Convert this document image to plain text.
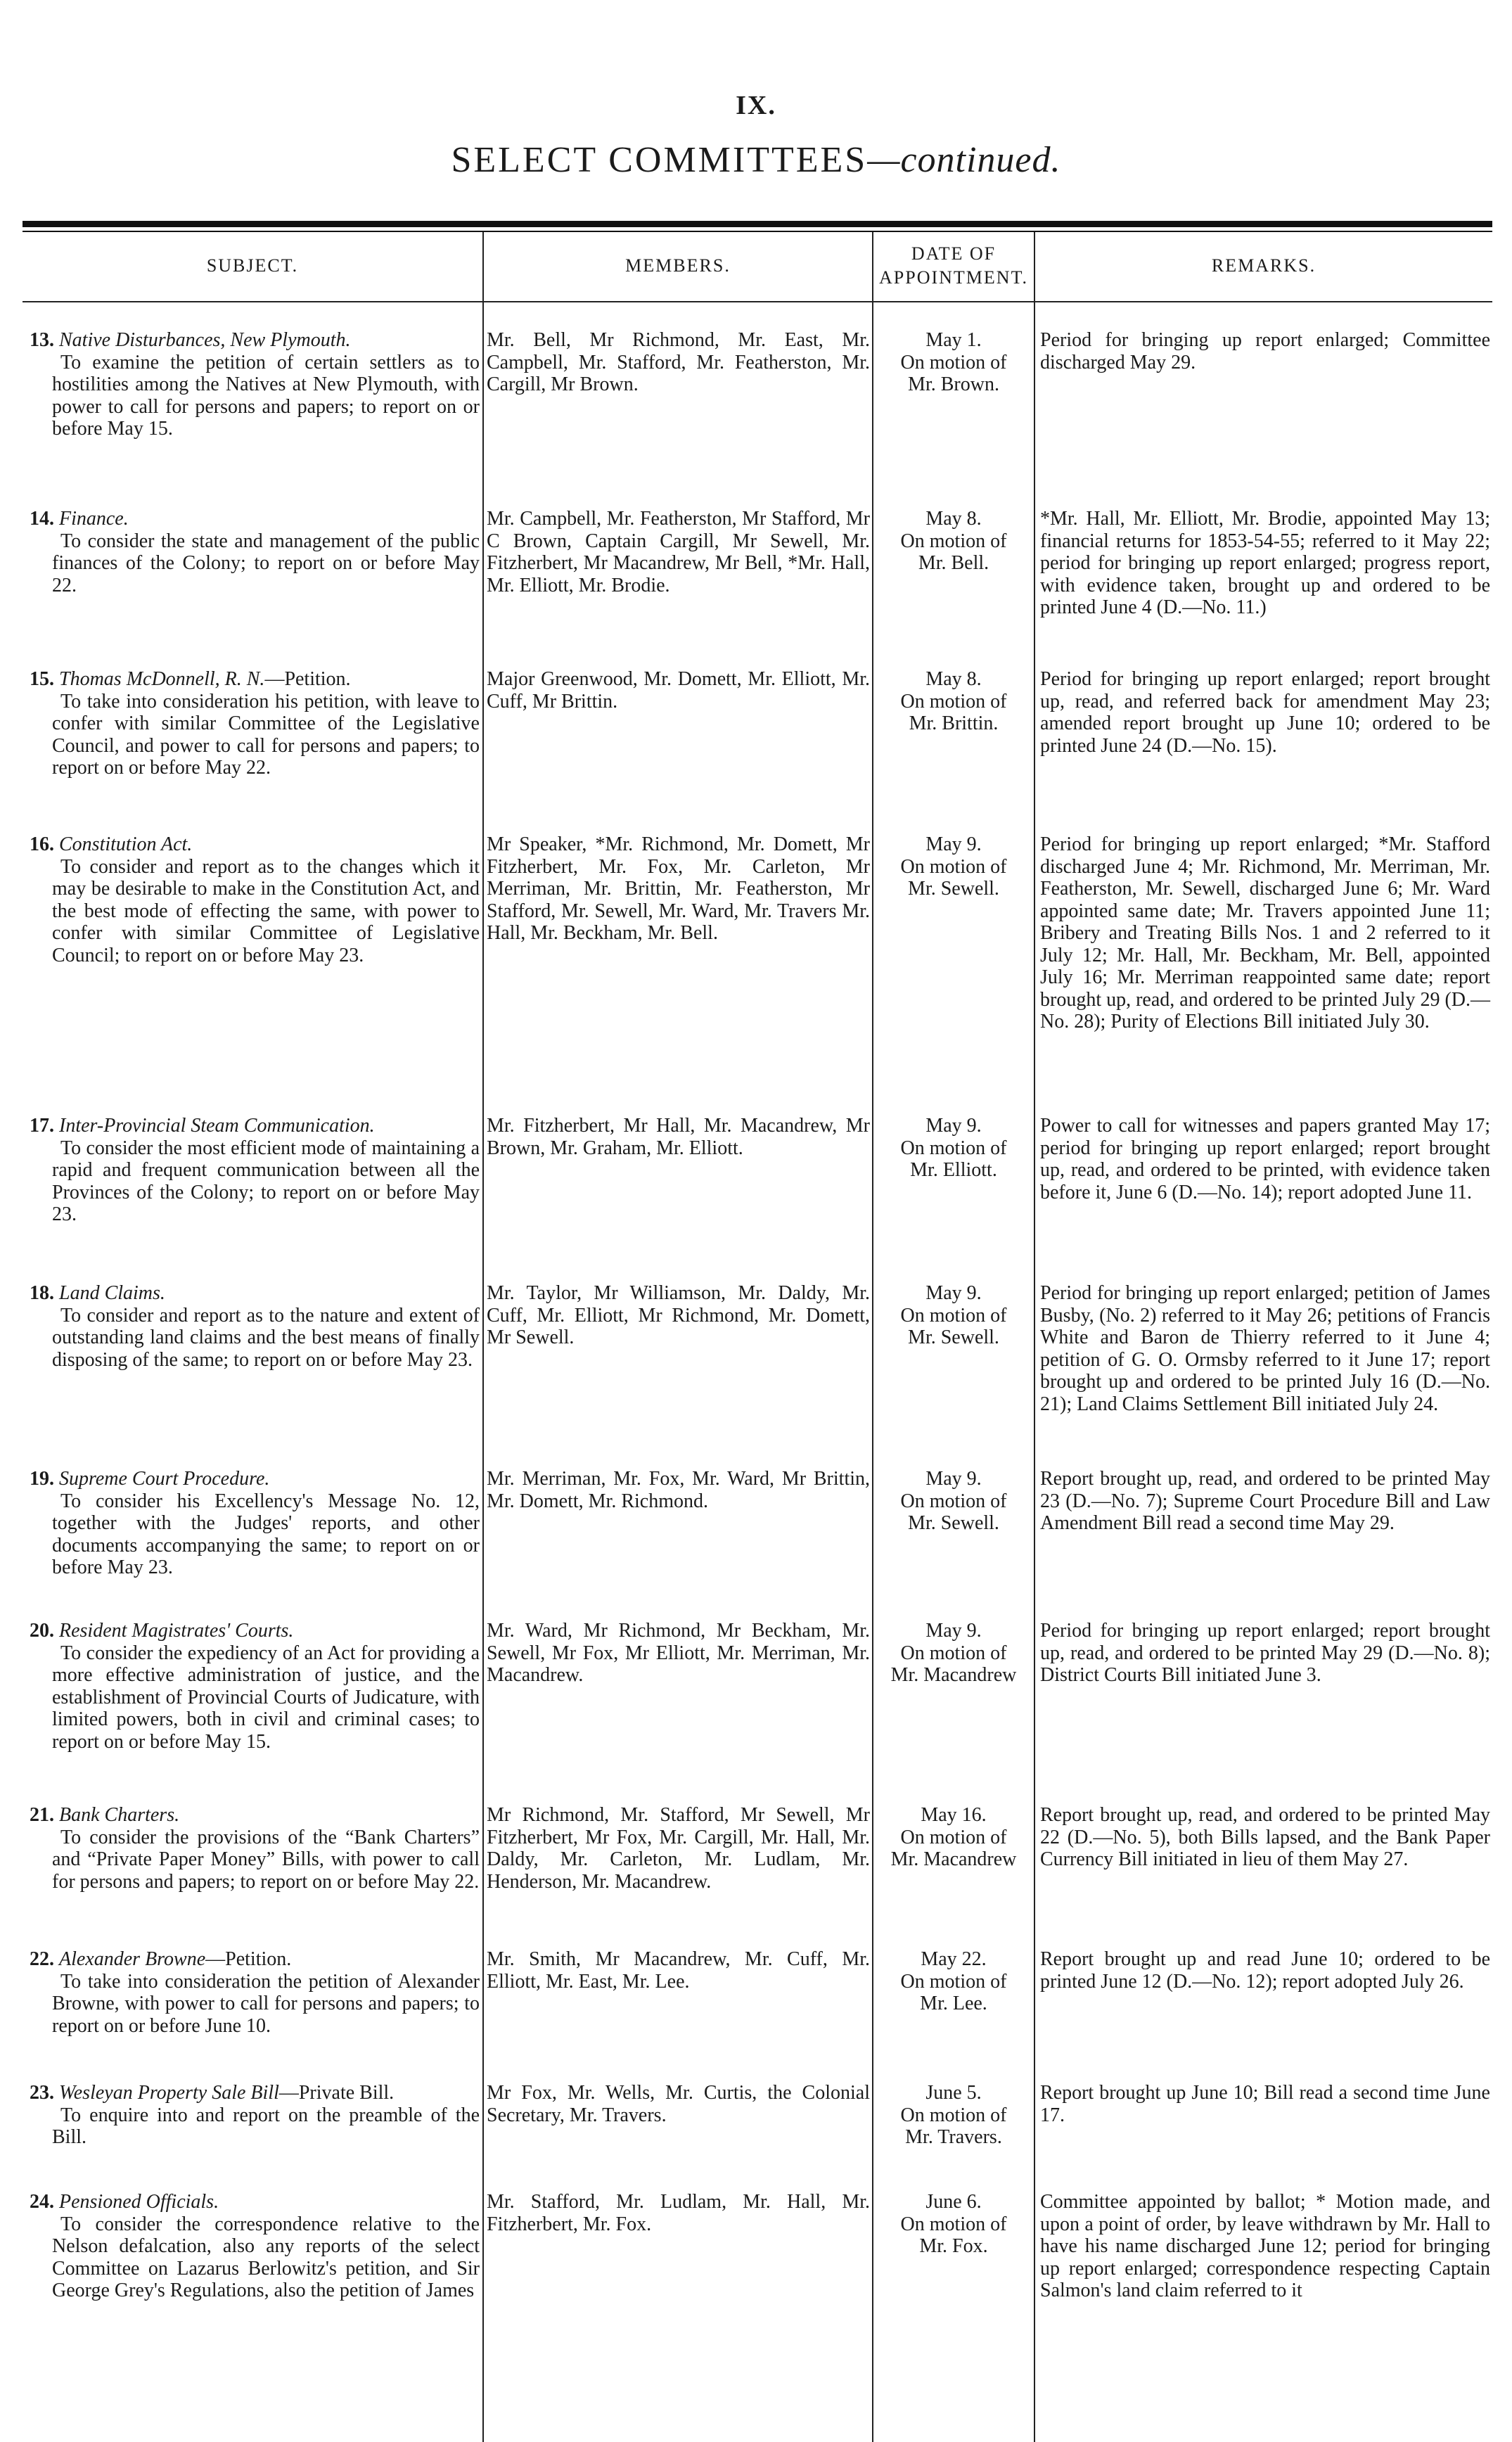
IX.
SELECT COMMITTEES—continued.
SUBJECT.	MEMBERS.
DATE OF APPOINTMENT.
REMARKS.
13. Native Disturbances, New Plymouth.
To examine the petition of certain settlers as to hostilities among the Natives at New Plymouth, with power to call for persons and papers; to report on or before May 15.
Mr. Bell, Mr Richmond, Mr. East, Mr. Campbell, Mr. Stafford, Mr. Featherston, Mr. Cargill, Mr Brown.
May 1.
On motion of
Mr. Brown.
Period for bringing up report enlarged; Committee discharged May 29.
14. Finance.
To consider the state and management of the public finances of the Colony; to report on or before May 22.
Mr. Campbell, Mr. Featherston, Mr Stafford, Mr C Brown, Captain Cargill, Mr Sewell, Mr. Fitzherbert, Mr Macandrew, Mr Bell, *Mr. Hall, Mr. Elliott, Mr. Brodie.
May 8.
On motion of
Mr. Bell.
*Mr. Hall, Mr. Elliott, Mr. Brodie, appointed May 13; financial returns for 1853-54-55; referred to it May 22; period for bringing up report enlarged; progress report, with evidence taken, brought up and ordered to be printed June 4 (D.—No. 11.)
15. Thomas McDonnell, R. N.—Petition.
To take into consideration his petition, with leave to confer with similar Committee of the Legislative Council, and power to call for persons and papers; to report on or before May 22.
Major Greenwood, Mr. Domett, Mr. Elliott, Mr. Cuff, Mr Brittin.
May 8.
On motion of
Mr. Brittin.
Period for bringing up report enlarged; report brought up, read, and referred back for amendment May 23; amended report brought up June 10; ordered to be printed June 24 (D.—No. 15).
16. Constitution Act.
To consider and report as to the changes which it may be desirable to make in the Constitution Act, and the best mode of effecting the same, with power to confer with similar Committee of Legislative Council; to report on or before May 23.
Mr Speaker, *Mr. Richmond, Mr. Domett, Mr Fitzherbert, Mr. Fox, Mr. Carleton, Mr Merriman, Mr. Brittin, Mr. Featherston, Mr Stafford, Mr. Sewell, Mr. Ward, Mr. Travers Mr. Hall, Mr. Beckham, Mr. Bell.
May 9.
On motion of
Mr. Sewell.
Period for bringing up report enlarged; *Mr. Stafford discharged June 4; Mr. Richmond, Mr. Merriman, Mr. Featherston, Mr. Sewell, discharged June 6; Mr. Ward appointed same date; Mr. Travers appointed June 11; Bribery and Treating Bills Nos. 1 and 2 referred to it July 12; Mr. Hall, Mr. Beckham, Mr. Bell, appointed July 16; Mr. Merriman reappointed same date; report brought up, read, and ordered to be printed July 29 (D.—No. 28); Purity of Elections Bill initiated July 30.
17. Inter-Provincial Steam Communication.
To consider the most efficient mode of maintaining a rapid and frequent communication between all the Provinces of the Colony; to report on or before May 23.
Mr. Fitzherbert, Mr Hall, Mr. Macandrew, Mr Brown, Mr. Graham, Mr. Elliott.
May 9.
On motion of
Mr. Elliott.
Power to call for witnesses and papers granted May 17; period for bringing up report enlarged; report brought up, read, and ordered to be printed, with evidence taken before it, June 6 (D.—No. 14); report adopted June 11.
18. Land Claims.
To consider and report as to the nature and extent of outstanding land claims and the best means of finally disposing of the same; to report on or before May 23.
Mr. Taylor, Mr Williamson, Mr. Daldy, Mr. Cuff, Mr. Elliott, Mr Richmond, Mr. Domett, Mr Sewell.
May 9.
On motion of
Mr. Sewell.
Period for bringing up report enlarged; petition of James Busby, (No. 2) referred to it May 26; petitions of Francis White and Baron de Thierry referred to it June 4; petition of G. O. Ormsby referred to it June 17; report brought up and ordered to be printed July 16 (D.—No. 21); Land Claims Settlement Bill initiated July 24.
19. Supreme Court Procedure.
To consider his Excellency's Message No. 12, together with the Judges' reports, and other documents accompanying the same; to report on or before May 23.
Mr. Merriman, Mr. Fox, Mr. Ward, Mr Brittin, Mr. Domett, Mr. Richmond.
May 9.
On motion of
Mr. Sewell.
Report brought up, read, and ordered to be printed May 23 (D.—No. 7); Supreme Court Procedure Bill and Law Amendment Bill read a second time May 29.
20. Resident Magistrates' Courts.
To consider the expediency of an Act for providing a more effective administration of justice, and the establishment of Provincial Courts of Judicature, with limited powers, both in civil and criminal cases; to report on or before May 15.
Mr. Ward, Mr Richmond, Mr Beckham, Mr. Sewell, Mr Fox, Mr Elliott, Mr. Merriman, Mr. Macandrew.
May 9.
On motion of
Mr. Macandrew
Period for bringing up report enlarged; report brought up, read, and ordered to be printed May 29 (D.—No. 8); District Courts Bill initiated June 3.
21. Bank Charters.
To consider the provisions of the “Bank Charters” and “Private Paper Money” Bills, with power to call for persons and papers; to report on or before May 22.
Mr Richmond, Mr. Stafford, Mr Sewell, Mr Fitzherbert, Mr Fox, Mr. Cargill, Mr. Hall, Mr. Daldy, Mr. Carleton, Mr. Ludlam, Mr. Henderson, Mr. Macandrew.
May 16.
On motion of
Mr. Macandrew
Report brought up, read, and ordered to be printed May 22 (D.—No. 5), both Bills lapsed, and the Bank Paper Currency Bill initiated in lieu of them May 27.
22. Alexander Browne—Petition.
To take into consideration the petition of Alexander Browne, with power to call for persons and papers; to report on or before June 10.
Mr. Smith, Mr Macandrew, Mr. Cuff, Mr. Elliott, Mr. East, Mr. Lee.
May 22.
On motion of
Mr. Lee.
Report brought up and read June 10; ordered to be printed June 12 (D.—No. 12); report adopted July 26.
23. Wesleyan Property Sale Bill—Private Bill.
To enquire into and report on the preamble of the Bill.
Mr Fox, Mr. Wells, Mr. Curtis, the Colonial Secretary, Mr. Travers.
June 5.
On motion of
Mr. Travers.
Report brought up June 10; Bill read a second time June 17.
24. Pensioned Officials.
To consider the correspondence relative to the Nelson defalcation, also any reports of the select Committee on Lazarus Berlowitz's petition, and Sir George Grey's Regulations, also the petition of James
Mr. Stafford, Mr. Ludlam, Mr. Hall, Mr. Fitzherbert, Mr. Fox.
June 6.
On motion of
Mr. Fox.
Committee appointed by ballot; * Motion made, and upon a point of order, by leave withdrawn by Mr. Hall to have his name discharged June 12; period for bringing up report enlarged; correspondence respecting Captain Salmon's land claim referred to it
